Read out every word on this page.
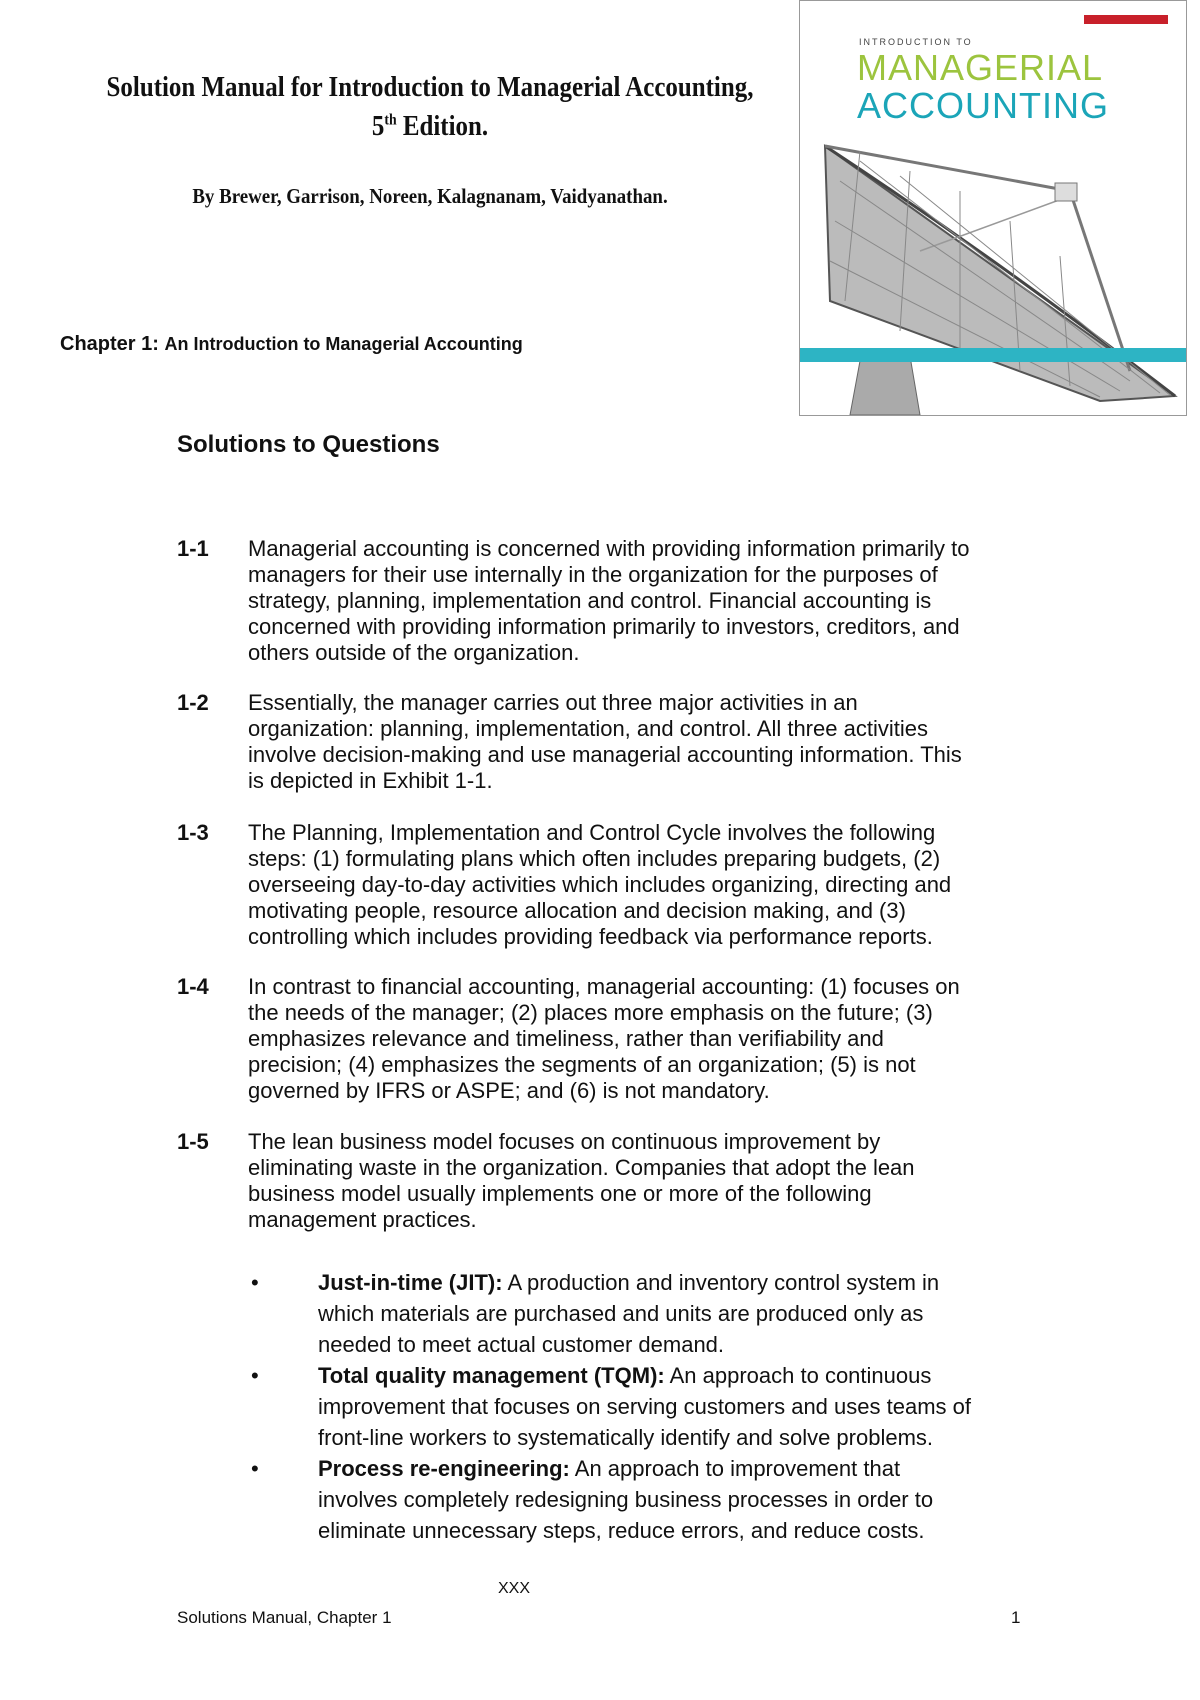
Solution Manual for Introduction to Managerial Accounting,
5th Edition.
By Brewer, Garrison, Noreen, Kalagnanam, Vaidyanathan.
INTRODUCTION TO
MANAGERIAL
ACCOUNTING
Chapter 1: An Introduction to Managerial Accounting
Solutions to Questions
1-1 Managerial accounting is concerned with providing information primarily to
managers for their use internally in the organization for the purposes of
strategy, planning, implementation and control. Financial accounting is
concerned with providing information primarily to investors, creditors, and
others outside of the organization.
1-2 Essentially, the manager carries out three major activities in an
organization: planning, implementation, and control. All three activities
involve decision-making and use managerial accounting information. This
is depicted in Exhibit 1-1.
1-3 The Planning, Implementation and Control Cycle involves the following
steps: (1) formulating plans which often includes preparing budgets, (2)
overseeing day-to-day activities which includes organizing, directing and
motivating people, resource allocation and decision making, and (3)
controlling which includes providing feedback via performance reports.
1-4 In contrast to financial accounting, managerial accounting: (1) focuses on
the needs of the manager; (2) places more emphasis on the future; (3)
emphasizes relevance and timeliness, rather than verifiability and
precision; (4) emphasizes the segments of an organization; (5) is not
governed by IFRS or ASPE; and (6) is not mandatory.
1-5 The lean business model focuses on continuous improvement by
eliminating waste in the organization. Companies that adopt the lean
business model usually implements one or more of the following
management practices.
•	Just-in-time (JIT): A production and inventory control system in
which materials are purchased and units are produced only as
needed to meet actual customer demand.
•	Total quality management (TQM): An approach to continuous
improvement that focuses on serving customers and uses teams of
front-line workers to systematically identify and solve problems.
•	Process re-engineering: An approach to improvement that
involves completely redesigning business processes in order to
eliminate unnecessary steps, reduce errors, and reduce costs.
XXX
Solutions Manual, Chapter 1	1
